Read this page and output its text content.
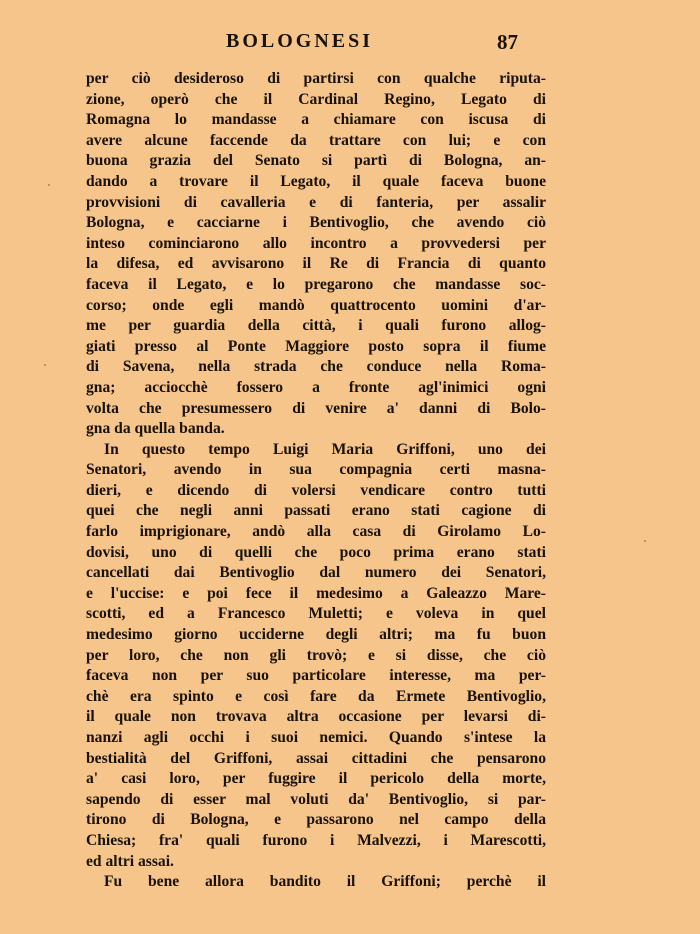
BOLOGNESI	87
per ciò desideroso di partirsi con qualche riputa-
zione, operò che il Cardinal Regino, Legato di
Romagna lo mandasse a chiamare con iscusa di
avere alcune faccende da trattare con lui; e con
buona grazia del Senato si partì di Bologna, an-
dando a trovare il Legato, il quale faceva buone
provvisioni di cavalleria e di fanteria, per assalir
Bologna, e cacciarne i Bentivoglio, che avendo ciò
inteso cominciarono allo incontro a provvedersi per
la difesa, ed avvisarono il Re di Francia di quanto
faceva il Legato, e lo pregarono che mandasse soc-
corso; onde egli mandò quattrocento uomini d'ar-
me per guardia della città, i quali furono allog-
giati presso al Ponte Maggiore posto sopra il fiume
di Savena, nella strada che conduce nella Roma-
gna; acciocchè fossero a fronte agl'inimici ogni
volta che presumessero di venire a' danni di Bolo-
gna da quella banda.
In questo tempo Luigi Maria Griffoni, uno dei
Senatori, avendo in sua compagnia certi masna-
dieri, e dicendo di volersi vendicare contro tutti
quei che negli anni passati erano stati cagione di
farlo imprigionare, andò alla casa di Girolamo Lo-
dovisi, uno di quelli che poco prima erano stati
cancellati dai Bentivoglio dal numero dei Senatori,
e l'uccise: e poi fece il medesimo a Galeazzo Mare-
scotti, ed a Francesco Muletti; e voleva in quel
medesimo giorno ucciderne degli altri; ma fu buon
per loro, che non gli trovò; e si disse, che ciò
faceva non per suo particolare interesse, ma per-
chè era spinto e così fare da Ermete Bentivoglio,
il quale non trovava altra occasione per levarsi di-
nanzi agli occhi i suoi nemici. Quando s'intese la
bestialità del Griffoni, assai cittadini che pensarono
a' casi loro, per fuggire il pericolo della morte,
sapendo di esser mal voluti da' Bentivoglio, si par-
tirono di Bologna, e passarono nel campo della
Chiesa; fra' quali furono i Malvezzi, i Marescotti,
ed altri assai.
Fu bene allora bandito il Griffoni; perchè il
